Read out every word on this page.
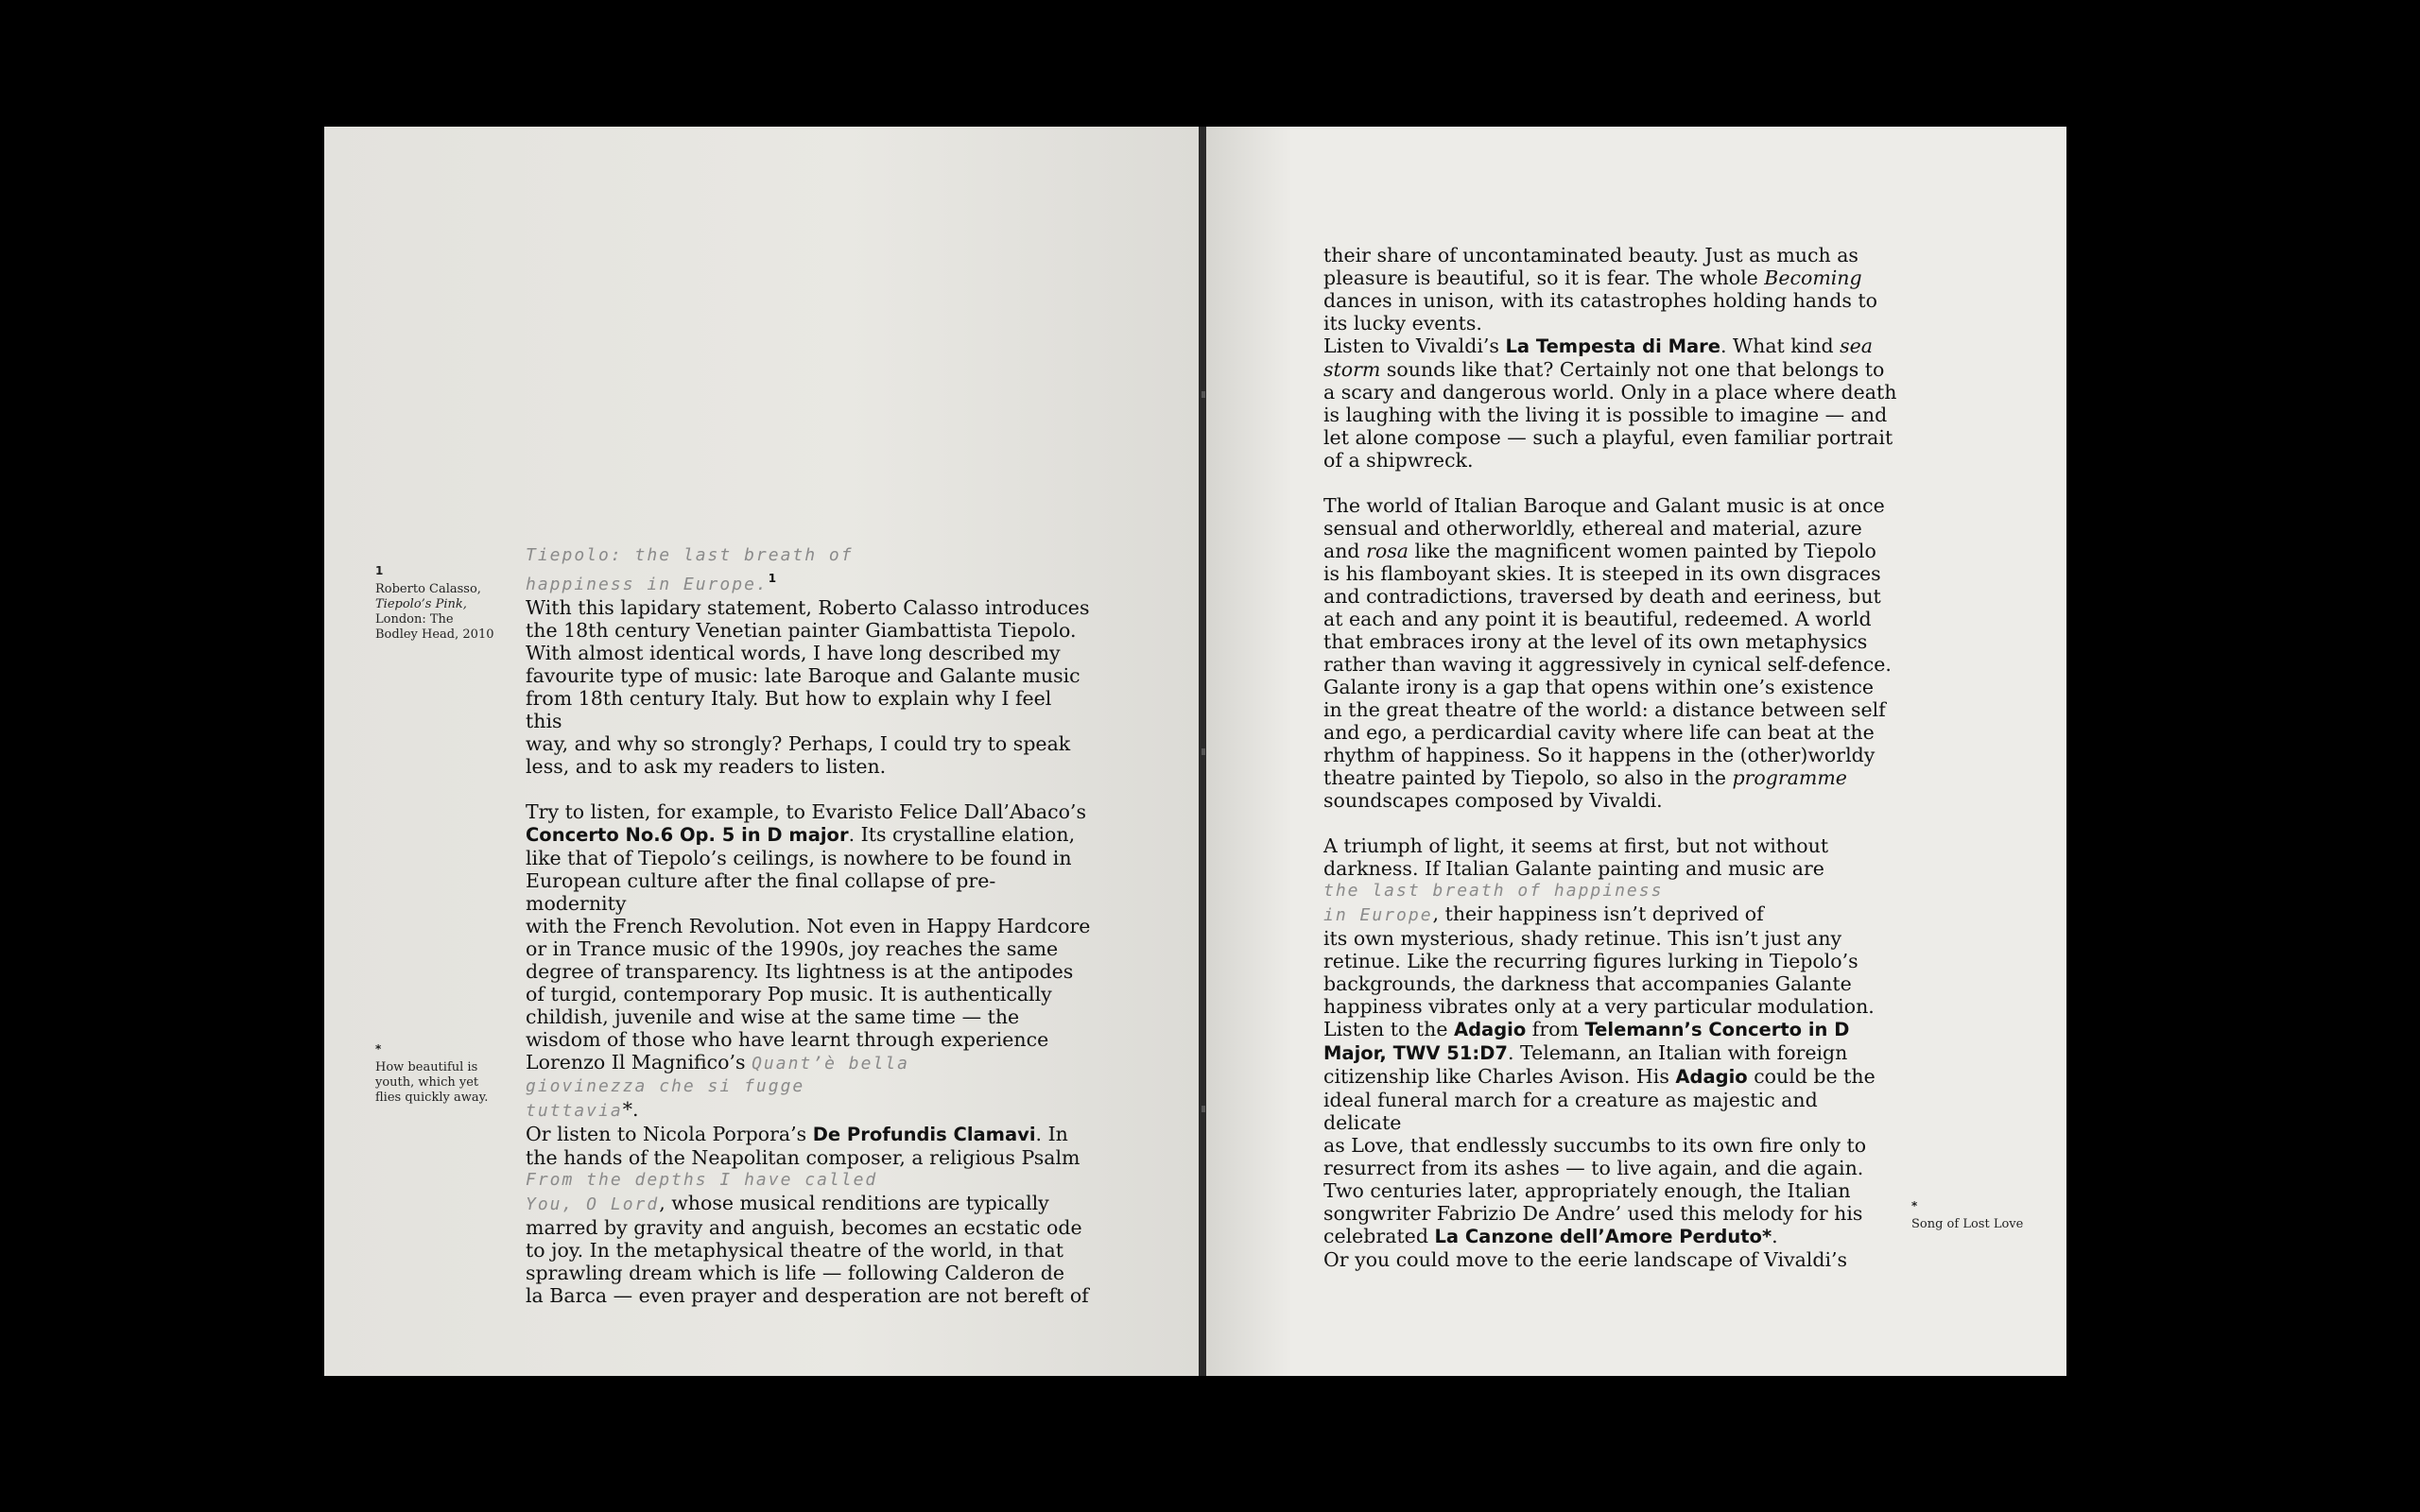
1
Roberto Calasso,
Tiepolo’s Pink,
London: The
Bodley Head, 2010
*
How beautiful is youth, which yet flies quickly away.

Tiepolo: the last breath of

happiness in Europe.$^1$

With this lapidary statement, Roberto Calasso introduces

the 18th century Venetian painter Giambattista Tiepolo.

With almost identical words, I have long described my

favourite type of music: late Baroque and Galante music

from 18th century Italy. But how to explain why I feel this

way, and why so strongly? Perhaps, I could try to speak

less, and to ask my readers to listen.

Try to listen, for example, to Evaristo Felice Dall’Abaco’s

Concerto No.6 Op. 5 in D major. Its crystalline elation,

like that of Tiepolo’s ceilings, is nowhere to be found in

European culture after the final collapse of pre-modernity

with the French Revolution. Not even in Happy Hardcore

or in Trance music of the 1990s, joy reaches the same

degree of transparency. Its lightness is at the antipodes

of turgid, contemporary Pop music. It is authentically

childish, juvenile and wise at the same time — the

wisdom of those who have learnt through experience

Lorenzo Il Magnifico’s Quant’è bella

giovinezza che si fugge

tuttavia*.

Or listen to Nicola Porpora’s De Profundis Clamavi. In

the hands of the Neapolitan composer, a religious Psalm

From the depths I have called

You, O Lord, whose musical renditions are typically

marred by gravity and anguish, becomes an ecstatic ode

to joy. In the metaphysical theatre of the world, in that

sprawling dream which is life — following Calderon de

la Barca — even prayer and desperation are not bereft of

their share of uncontaminated beauty. Just as much as

pleasure is beautiful, so it is fear. The whole Becoming

dances in unison, with its catastrophes holding hands to

its lucky events.

Listen to Vivaldi’s La Tempesta di Mare. What kind sea

storm sounds like that? Certainly not one that belongs to

a scary and dangerous world. Only in a place where death

is laughing with the living it is possible to imagine — and

let alone compose — such a playful, even familiar portrait

of a shipwreck.

The world of Italian Baroque and Galant music is at once

sensual and otherworldly, ethereal and material, azure

and rosa like the magnificent women painted by Tiepolo

is his flamboyant skies. It is steeped in its own disgraces

and contradictions, traversed by death and eeriness, but

at each and any point it is beautiful, redeemed. A world

that embraces irony at the level of its own metaphysics

rather than waving it aggressively in cynical self-defence.

Galante irony is a gap that opens within one’s existence

in the great theatre of the world: a distance between self

and ego, a perdicardial cavity where life can beat at the

rhythm of happiness. So it happens in the (other)worldy

theatre painted by Tiepolo, so also in the programme

soundscapes composed by Vivaldi.

A triumph of light, it seems at first, but not without

darkness. If Italian Galante painting and music are

the last breath of happiness

in Europe, their happiness isn’t deprived of

its own mysterious, shady retinue. This isn’t just any

retinue. Like the recurring figures lurking in Tiepolo’s

backgrounds, the darkness that accompanies Galante

happiness vibrates only at a very particular modulation.

Listen to the Adagio from Telemann’s Concerto in D

Major, TWV 51:D7. Telemann, an Italian with foreign

citizenship like Charles Avison. His Adagio could be the

ideal funeral march for a creature as majestic and delicate

as Love, that endlessly succumbs to its own fire only to

resurrect from its ashes — to live again, and die again.

Two centuries later, appropriately enough, the Italian

songwriter Fabrizio De Andre’ used this melody for his

celebrated La Canzone dell’Amore Perduto*.

Or you could move to the eerie landscape of Vivaldi’s

*
Song of Lost Love
